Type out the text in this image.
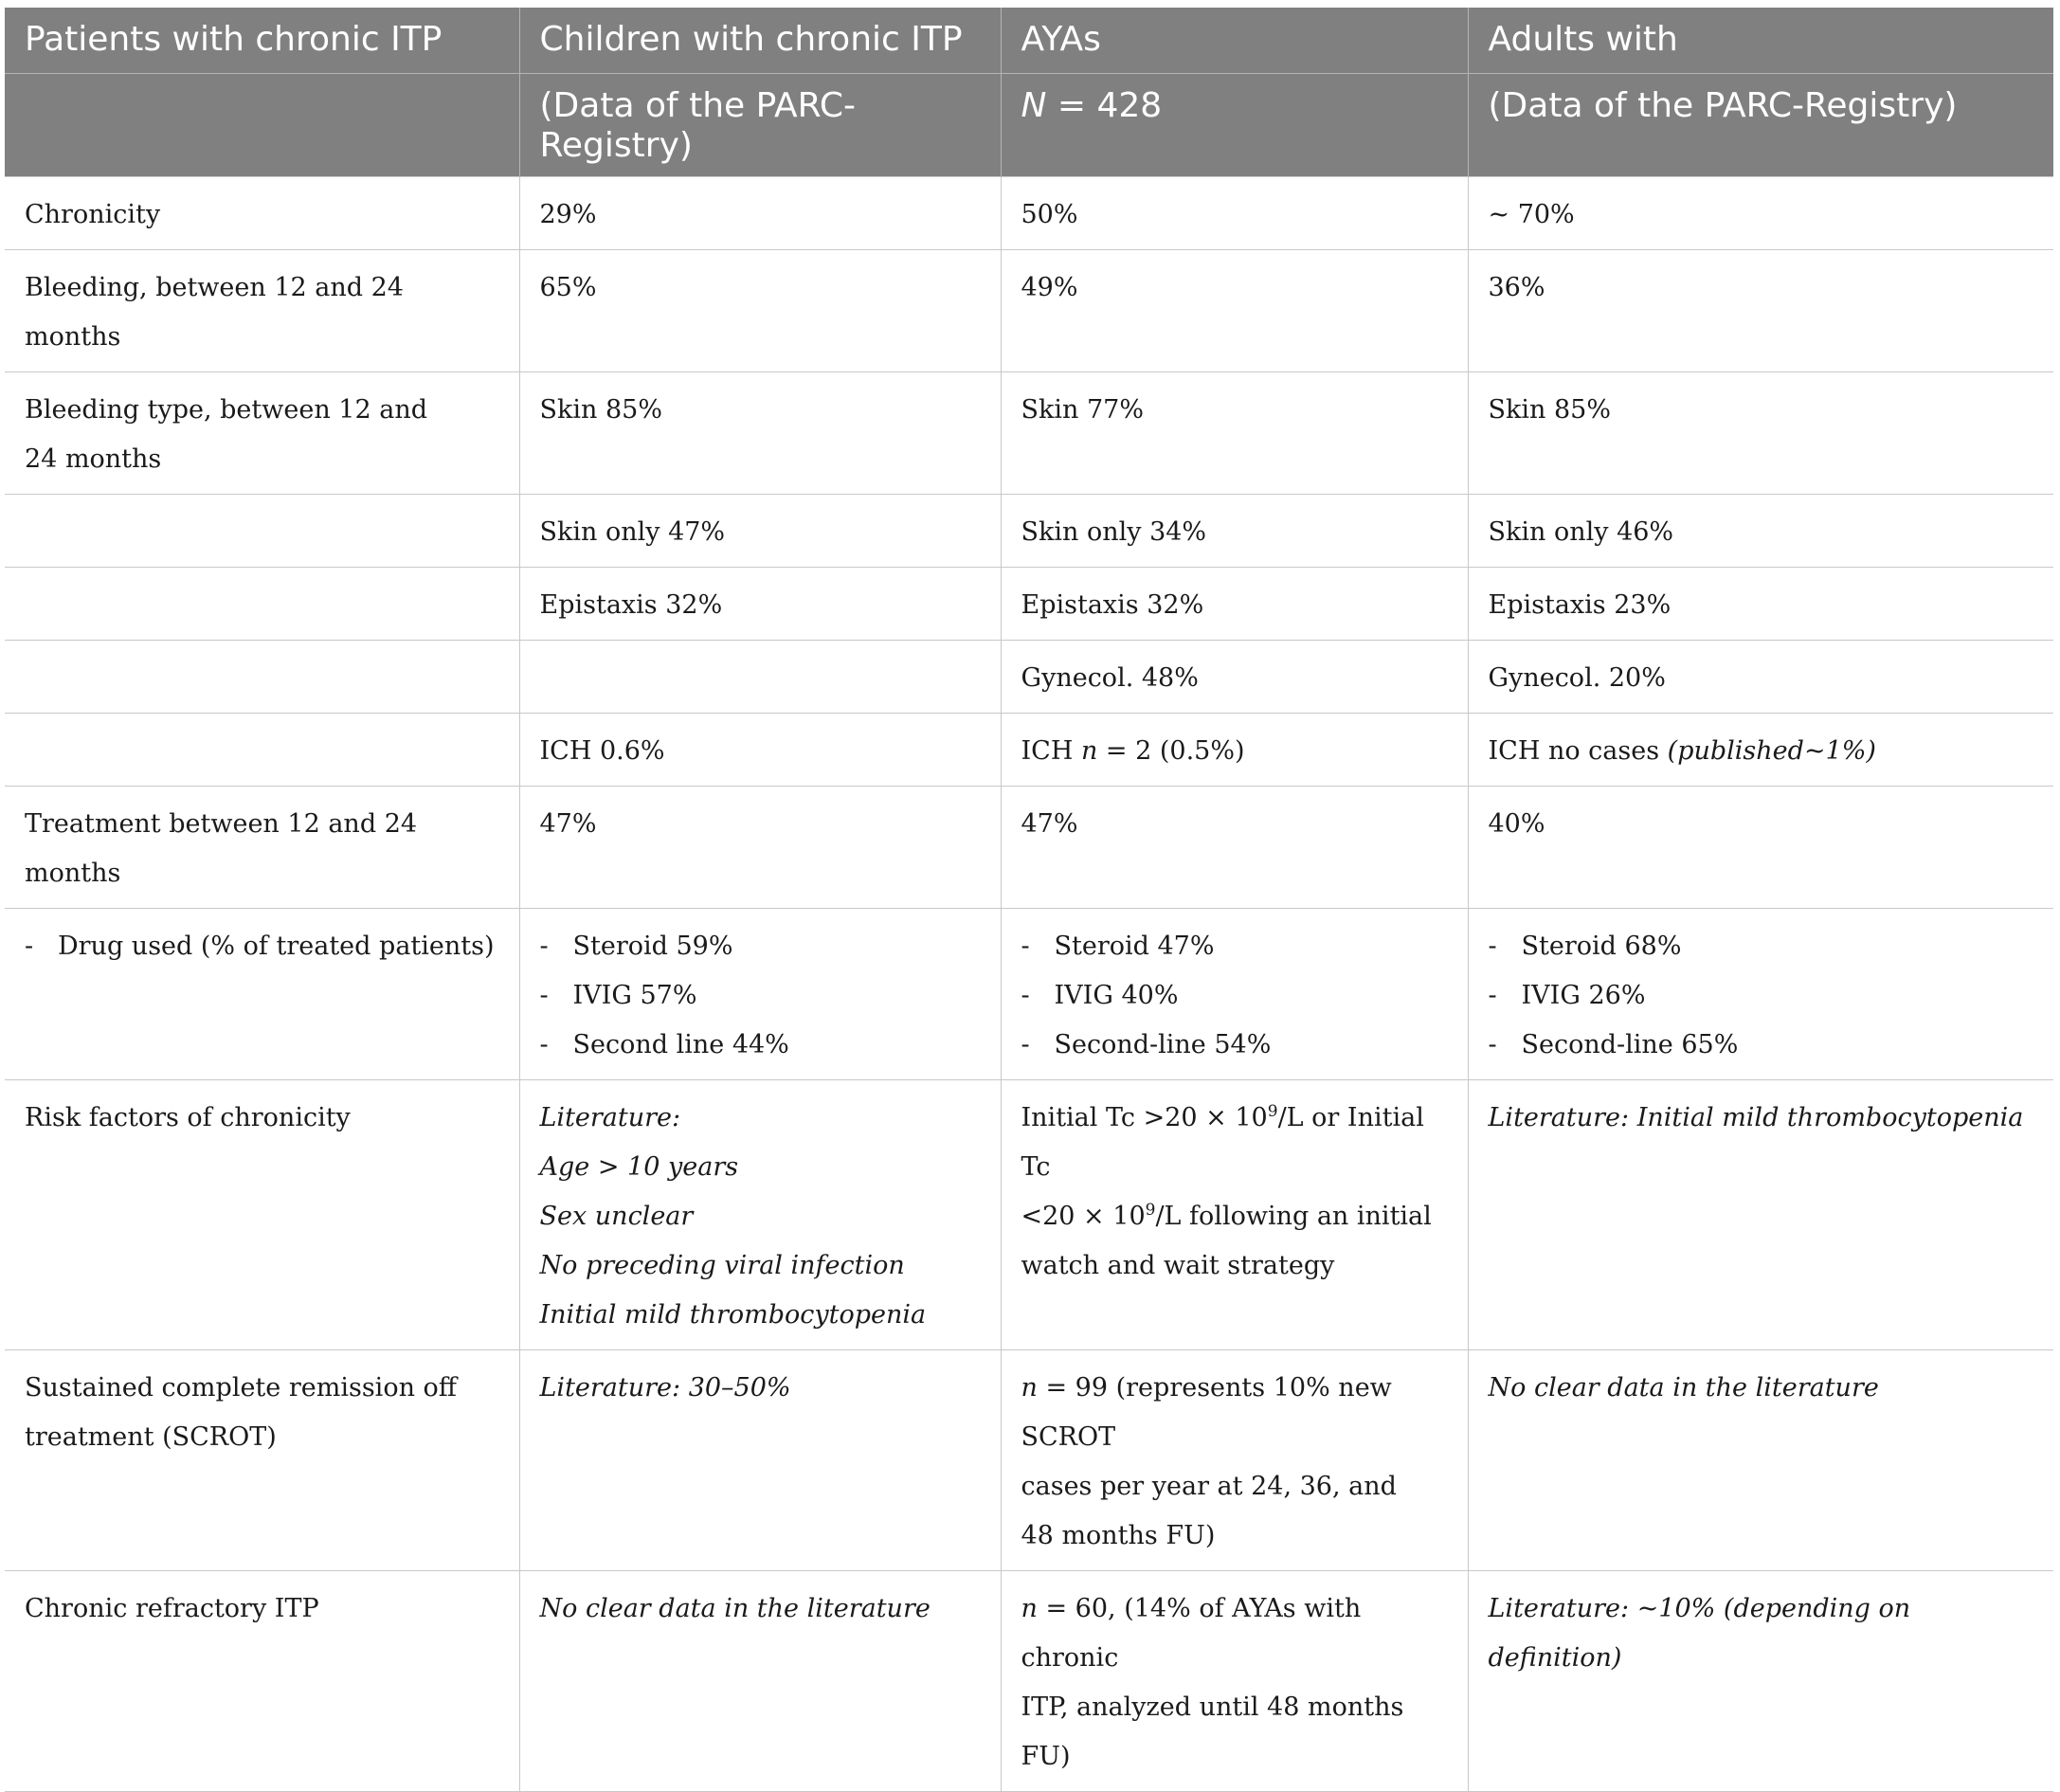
Patients with chronic ITP	Children with chronic ITP	AYAs	Adults with
	(Data of the PARC-Registry)	N = 428	(Data of the PARC-Registry)
Chronicity	29%	50%	~ 70%
Bleeding, between 12 and 24 months	65%	49%	36%

Bleeding type, between 12 and
24 months	Skin 85%	Skin 77%	Skin 85%
	Skin only 47%	Skin only 34%	Skin only 46%
	Epistaxis 32%	Epistaxis 32%	Epistaxis 23%
		Gynecol. 48%	Gynecol. 20%
	ICH 0.6%	ICH n = 2 (0.5%)	ICH no cases (published~1%)
Treatment between 12 and 24 months	47%	47%	40%
- Drug used (% of treated patients)	- Steroid 59%
- IVIG 57%
- Second line 44%	- Steroid 47%
- IVIG 40%
- Second-line 54%	- Steroid 68%
- IVIG 26%
- Second-line 65%

Risk factors of chronicity	Literature:
Age > 10 years
Sex unclear
No preceding viral infection
Initial mild thrombocytopenia	Initial $Tc >20 \times 10^9/L$ or Initial Tc
$<20 \times 10^9/L$ following an initial
watch and wait strategy	Literature: Initial mild thrombocytopenia

Sustained complete remission off
treatment (SCROT)	Literature: 30–50%	n = 99 (represents 10% new SCROT
cases per year at 24, 36, and
48 months FU)	No clear data in the literature
Chronic refractory ITP	No clear data in the literature	n = 60, (14% of AYAs with chronic
ITP, analyzed until 48 months FU)	Literature: ~10% (depending on definition)
